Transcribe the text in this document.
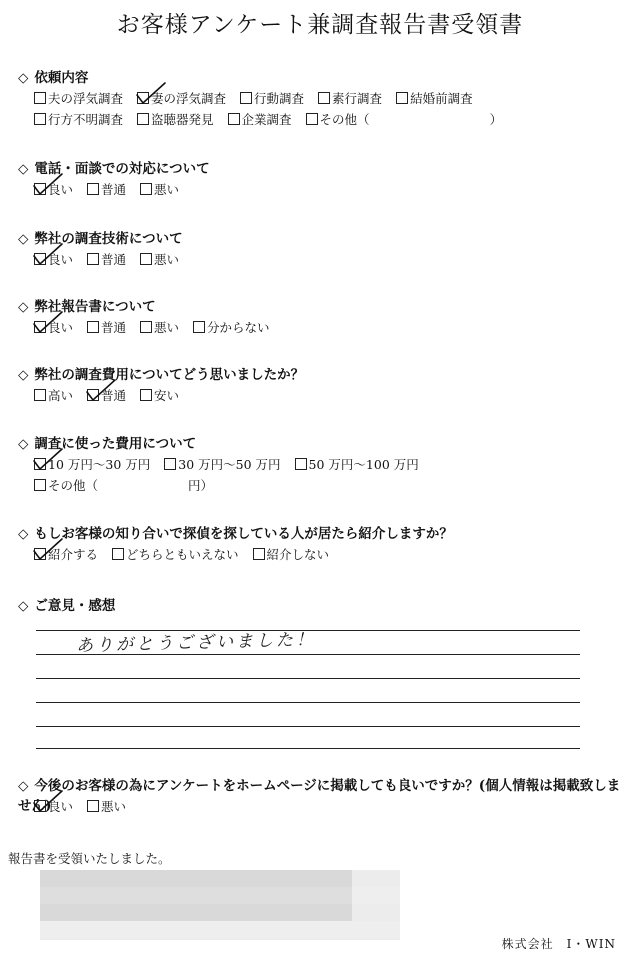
お客様アンケート兼調査報告書受領書
◇ 依頼内容
夫の浮気調査 妻の浮気調査 行動調査 素行調査 結婚前調査
行方不明調査 盗聴器発見 企業調査 その他（	）
◇ 電話・面談での対応について
良い 普通 悪い
◇ 弊社の調査技術について
良い 普通 悪い
◇ 弊社報告書について
良い 普通 悪い 分からない
◇ 弊社の調査費用についてどう思いましたか？
高い 普通 安い
◇ 調査に使った費用について
10 万円～30 万円 30 万円～50 万円 50 万円～100 万円
その他（	円）
◇ もしお客様の知り合いで探偵を探している人が居たら紹介しますか？
紹介する どちらともいえない 紹介しない
◇ ご意見・感想
◇ 今後のお客様の為にアンケートをホームページに掲載しても良いですか？(個人情報は掲載致しません)
良い 悪い
ありがとうございました！
報告書を受領いたしました。
株式会社　I・WIN
